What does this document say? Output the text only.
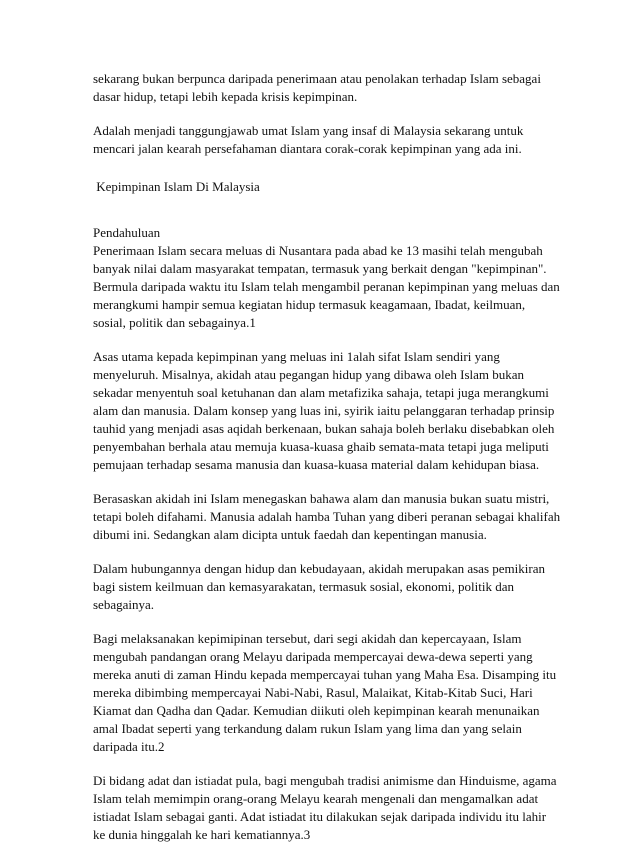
sekarang bukan berpunca daripada penerimaan atau penolakan terhadap Islam sebagai
dasar hidup, tetapi lebih kepada krisis kepimpinan.

Adalah menjadi tanggungjawab umat Islam yang insaf di Malaysia sekarang untuk
mencari jalan kearah persefahaman diantara corak-corak kepimpinan yang ada ini.

Kepimpinan Islam Di Malaysia

Pendahuluan

Penerimaan Islam secara meluas di Nusantara pada abad ke 13 masihi telah mengubah
banyak nilai dalam masyarakat tempatan, termasuk yang berkait dengan "kepimpinan".
Bermula daripada waktu itu Islam telah mengambil peranan kepimpinan yang meluas dan
merangkumi hampir semua kegiatan hidup termasuk keagamaan, Ibadat, keilmuan,
sosial, politik dan sebagainya.1

Asas utama kepada kepimpinan yang meluas ini 1alah sifat Islam sendiri yang
menyeluruh. Misalnya, akidah atau pegangan hidup yang dibawa oleh Islam bukan
sekadar menyentuh soal ketuhanan dan alam metafizika sahaja, tetapi juga merangkumi
alam dan manusia. Dalam konsep yang luas ini, syirik iaitu pelanggaran terhadap prinsip
tauhid yang menjadi asas aqidah berkenaan, bukan sahaja boleh berlaku disebabkan oleh
penyembahan berhala atau memuja kuasa-kuasa ghaib semata-mata tetapi juga meliputi
pemujaan terhadap sesama manusia dan kuasa-kuasa material dalam kehidupan biasa.

Berasaskan akidah ini Islam menegaskan bahawa alam dan manusia bukan suatu mistri,
tetapi boleh difahami. Manusia adalah hamba Tuhan yang diberi peranan sebagai khalifah
dibumi ini. Sedangkan alam dicipta untuk faedah dan kepentingan manusia.

Dalam hubungannya dengan hidup dan kebudayaan, akidah merupakan asas pemikiran
bagi sistem keilmuan dan kemasyarakatan, termasuk sosial, ekonomi, politik dan
sebagainya.

Bagi melaksanakan kepimipinan tersebut, dari segi akidah dan kepercayaan, Islam
mengubah pandangan orang Melayu daripada mempercayai dewa-dewa seperti yang
mereka anuti di zaman Hindu kepada mempercayai tuhan yang Maha Esa. Disamping itu
mereka dibimbing mempercayai Nabi-Nabi, Rasul, Malaikat, Kitab-Kitab Suci, Hari
Kiamat dan Qadha dan Qadar. Kemudian diikuti oleh kepimpinan kearah menunaikan
amal Ibadat seperti yang terkandung dalam rukun Islam yang lima dan yang selain
daripada itu.2

Di bidang adat dan istiadat pula, bagi mengubah tradisi animisme dan Hinduisme, agama
Islam telah memimpin orang-orang Melayu kearah mengenali dan mengamalkan adat
istiadat Islam sebagai ganti. Adat istiadat itu dilakukan sejak daripada individu itu lahir
ke dunia hinggalah ke hari kematiannya.3
